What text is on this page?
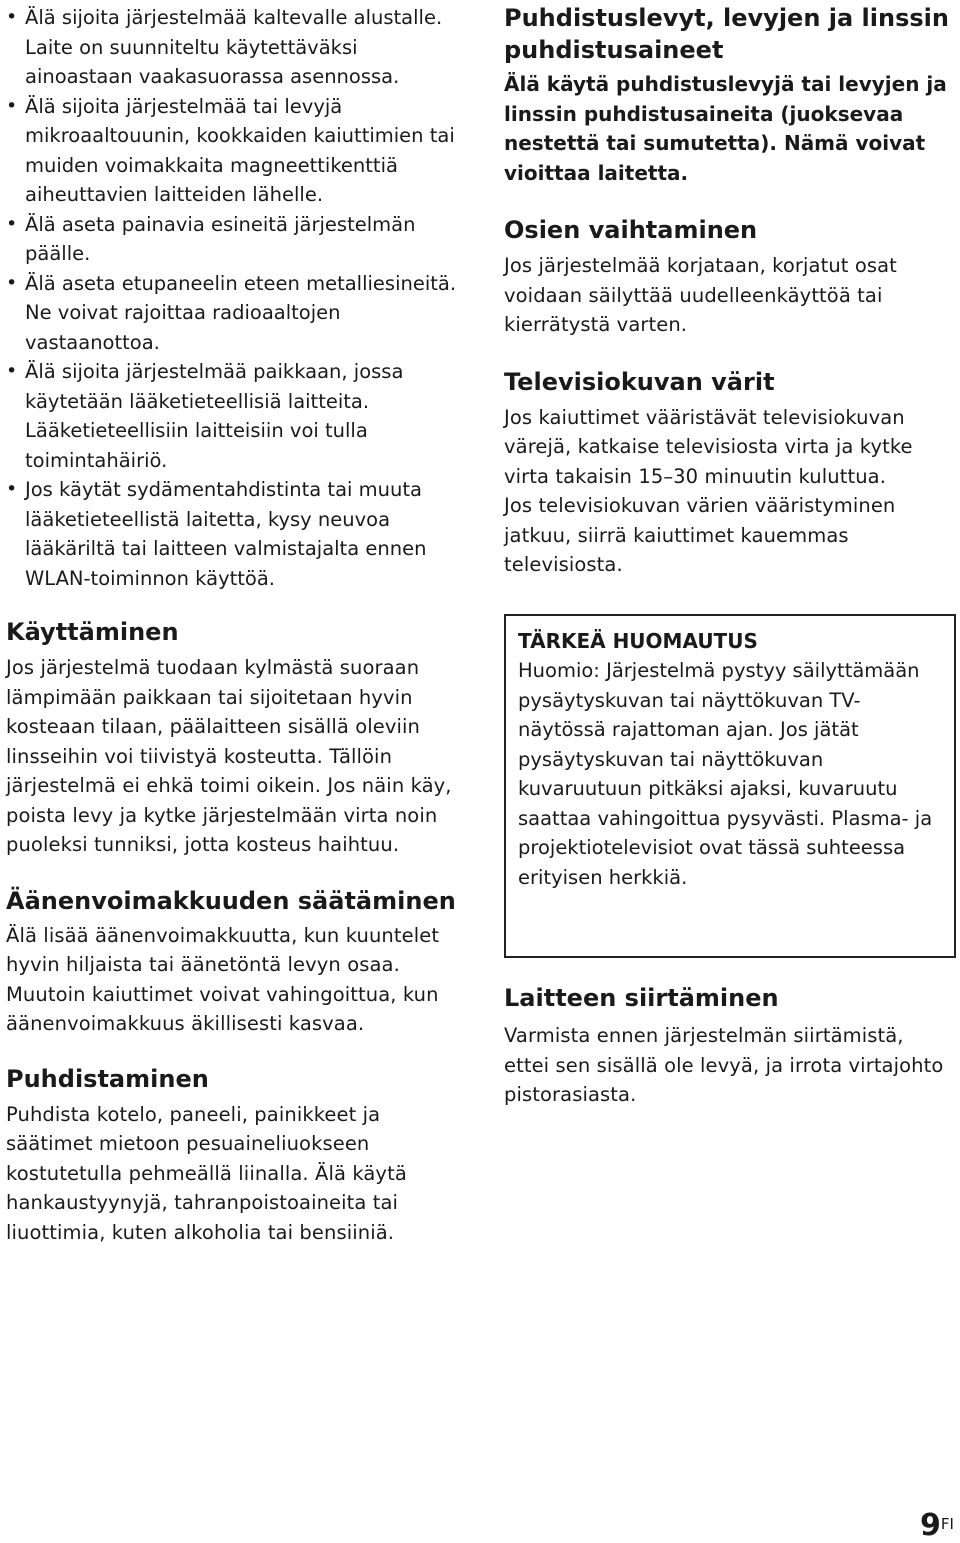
• Älä sijoita järjestelmää kaltevalle alustalle. Laite on suunniteltu käytettäväksi ainoastaan vaakasuorassa asennossa.
• Älä sijoita järjestelmää tai levyjä mikroaaltouunin, kookkaiden kaiuttimien tai muiden voimakkaita magneettikenttiä aiheuttavien laitteiden lähelle.
• Älä aseta painavia esineitä järjestelmän päälle.
• Älä aseta etupaneelin eteen metalliesineitä. Ne voivat rajoittaa radioaaltojen vastaanottoa.
• Älä sijoita järjestelmää paikkaan, jossa käytetään lääketieteellisiä laitteita. Lääketieteellisiin laitteisiin voi tulla toimintahäiriö.
• Jos käytät sydämentahdistinta tai muuta lääketieteellistä laitetta, kysy neuvoa lääkäriltä tai laitteen valmistajalta ennen WLAN-toiminnon käyttöä.
Käyttäminen

Jos järjestelmä tuodaan kylmästä suoraan lämpimään paikkaan tai sijoitetaan hyvin kosteaan tilaan, päälaitteen sisällä oleviin linsseihin voi tiivistyä kosteutta. Tällöin järjestelmä ei ehkä toimi oikein. Jos näin käy, poista levy ja kytke järjestelmään virta noin puoleksi tunniksi, jotta kosteus haihtuu.

Äänenvoimakkuuden säätäminen

Älä lisää äänenvoimakkuutta, kun kuuntelet hyvin hiljaista tai äänetöntä levyn osaa. Muutoin kaiuttimet voivat vahingoittua, kun äänenvoimakkuus äkillisesti kasvaa.

Puhdistaminen

Puhdista kotelo, paneeli, painikkeet ja säätimet mietoon pesuaineliuokseen kostutetulla pehmeällä liinalla. Älä käytä hankaustyynyjä, tahranpoistoaineita tai liuottimia, kuten alkoholia tai bensiiniä.

Puhdistuslevyt, levyjen ja linssin puhdistusaineet

Älä käytä puhdistuslevyjä tai levyjen ja linssin puhdistusaineita (juoksevaa nestettä tai sumutetta). Nämä voivat vioittaa laitetta.

Osien vaihtaminen

Jos järjestelmää korjataan, korjatut osat voidaan säilyttää uudelleenkäyttöä tai kierrätystä varten.

Televisiokuvan värit

Jos kaiuttimet vääristävät televisiokuvan värejä, katkaise televisiosta virta ja kytke virta takaisin 15–30 minuutin kuluttua.

Jos televisiokuvan värien vääristyminen jatkuu, siirrä kaiuttimet kauemmas televisiosta.

TÄRKEÄ HUOMAUTUS

Huomio: Järjestelmä pystyy säilyttämään pysäytyskuvan tai näyttökuvan TV-näytössä rajattoman ajan. Jos jätät pysäytyskuvan tai näyttökuvan kuvaruutuun pitkäksi ajaksi, kuvaruutu saattaa vahingoittua pysyvästi. Plasma- ja projektiotelevisiot ovat tässä suhteessa erityisen herkkiä.

Laitteen siirtäminen

Varmista ennen järjestelmän siirtämistä, ettei sen sisällä ole levyä, ja irrota virtajohto pistorasiasta.

$9^{FI}$
